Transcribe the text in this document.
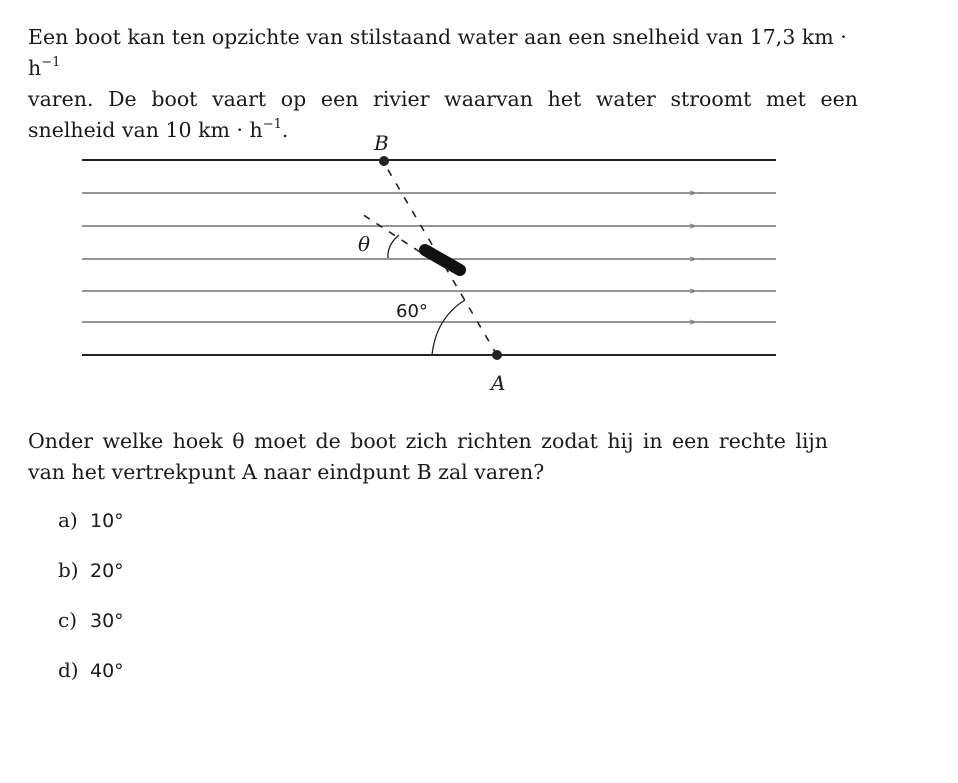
Een boot kan ten opzichte van stilstaand water aan een snelheid van 17,3 km · $h^{-1}$

varen. De boot vaart op een rivier waarvan het water stroomt met een
snelheid van 10 km · $h^{-1}$.
B
A
θ
60°
Onder welke hoek θ moet de boot zich richten zodat hij in een rechte lijn
van het vertrekpunt A naar eindpunt B zal varen?
a) 10°
b) 20°
c) 30°
d) 40°
